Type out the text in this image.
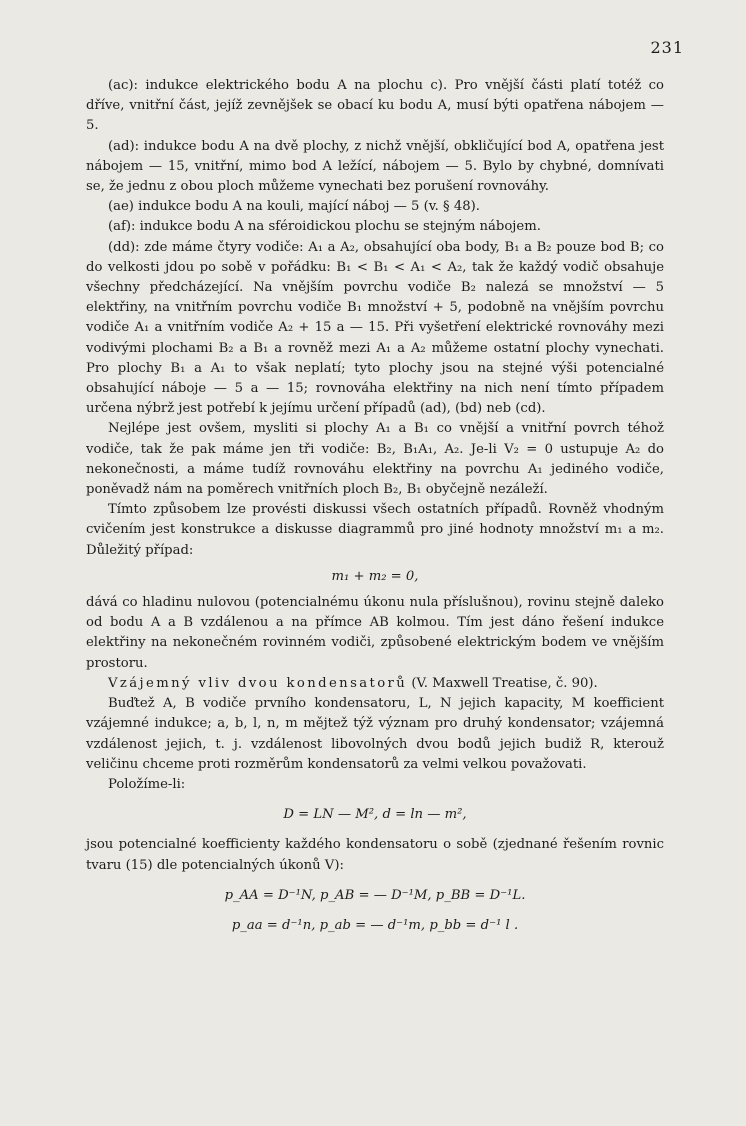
231

(ac): indukce elektrického bodu A na plochu c). Pro vnější části platí totéž co dříve, vnitřní část, jejíž zevnějšek se obací ku bodu A, musí býti opatřena nábojem — 5.

(ad): indukce bodu A na dvě plochy, z nichž vnější, obkličující bod A, opatřena jest nábojem — 15, vnitřní, mimo bod A ležící, nábojem — 5. Bylo by chybné, domnívati se, že jednu z obou ploch můžeme vynechati bez porušení rovnováhy.

(ae) indukce bodu A na kouli, mající náboj — 5 (v. § 48).

(af): indukce bodu A na sféroidickou plochu se stejným nábojem.

(dd): zde máme čtyry vodiče: A₁ a A₂, obsahující oba body, B₁ a B₂ pouze bod B; co do velkosti jdou po sobě v pořádku: B₁ < B₁ < A₁ < A₂, tak že každý vodič obsahuje všechny předcházející. Na vnějším povrchu vodiče B₂ nalezá se množství — 5 elektřiny, na vnitřním povrchu vodiče B₁ množství + 5, podobně na vnějším povrchu vodiče A₁ a vnitřním vodiče A₂ + 15 a — 15. Při vyšetření elektrické rovnováhy mezi vodivými plochami B₂ a B₁ a rovněž mezi A₁ a A₂ můžeme ostatní plochy vynechati. Pro plochy B₁ a A₁ to však neplatí; tyto plochy jsou na stejné výši potencialné obsahující náboje — 5 a — 15; rovnováha elektřiny na nich není tímto případem určena nýbrž jest potřebí k jejímu určení případů (ad), (bd) neb (cd).

Nejlépe jest ovšem, mysliti si plochy A₁ a B₁ co vnější a vnitřní povrch téhož vodiče, tak že pak máme jen tři vodiče: B₂, B₁A₁, A₂. Je-li V₂ = 0 ustupuje A₂ do nekonečnosti, a máme tudíž rovnováhu elektřiny na povrchu A₁ jediného vodiče, poněvadž nám na poměrech vnitřních ploch B₂, B₁ obyčejně nezáleží.

Tímto způsobem lze provésti diskussi všech ostatních případů. Rovněž vhodným cvičením jest konstrukce a diskusse diagrammů pro jiné hodnoty množství m₁ a m₂. Důležitý případ:

m₁ + m₂ = 0,

dává co hladinu nulovou (potencialnému úkonu nula příslušnou), rovinu stejně daleko od bodu A a B vzdálenou a na přímce AB kolmou. Tím jest dáno řešení indukce elektřiny na nekonečném rovinném vodiči, způsobené elektrickým bodem ve vnějším prostoru.

Vzájemný vliv dvou kondensatorů (V. Maxwell Treatise, č. 90).

Buďtež A, B vodiče prvního kondensatoru, L, N jejich kapacity, M koefficient vzájemné indukce; a, b, l, n, m mějtež týž význam pro druhý kondensator; vzájemná vzdálenost jejich, t. j. vzdálenost libovolných dvou bodů jejich budiž R, kterouž veličinu chceme proti rozměrům kondensatorů za velmi velkou považovati.

Položíme-li:

D = LN — M², d = ln — m²,

jsou potencialné koefficienty každého kondensatoru o sobě (zjednané řešením rovnic tvaru (15) dle potencialných úkonů V):

p_AA = D⁻¹N, p_AB = — D⁻¹M, p_BB = D⁻¹L.

p_aa = d⁻¹n, p_ab = — d⁻¹m, p_bb = d⁻¹ l .
